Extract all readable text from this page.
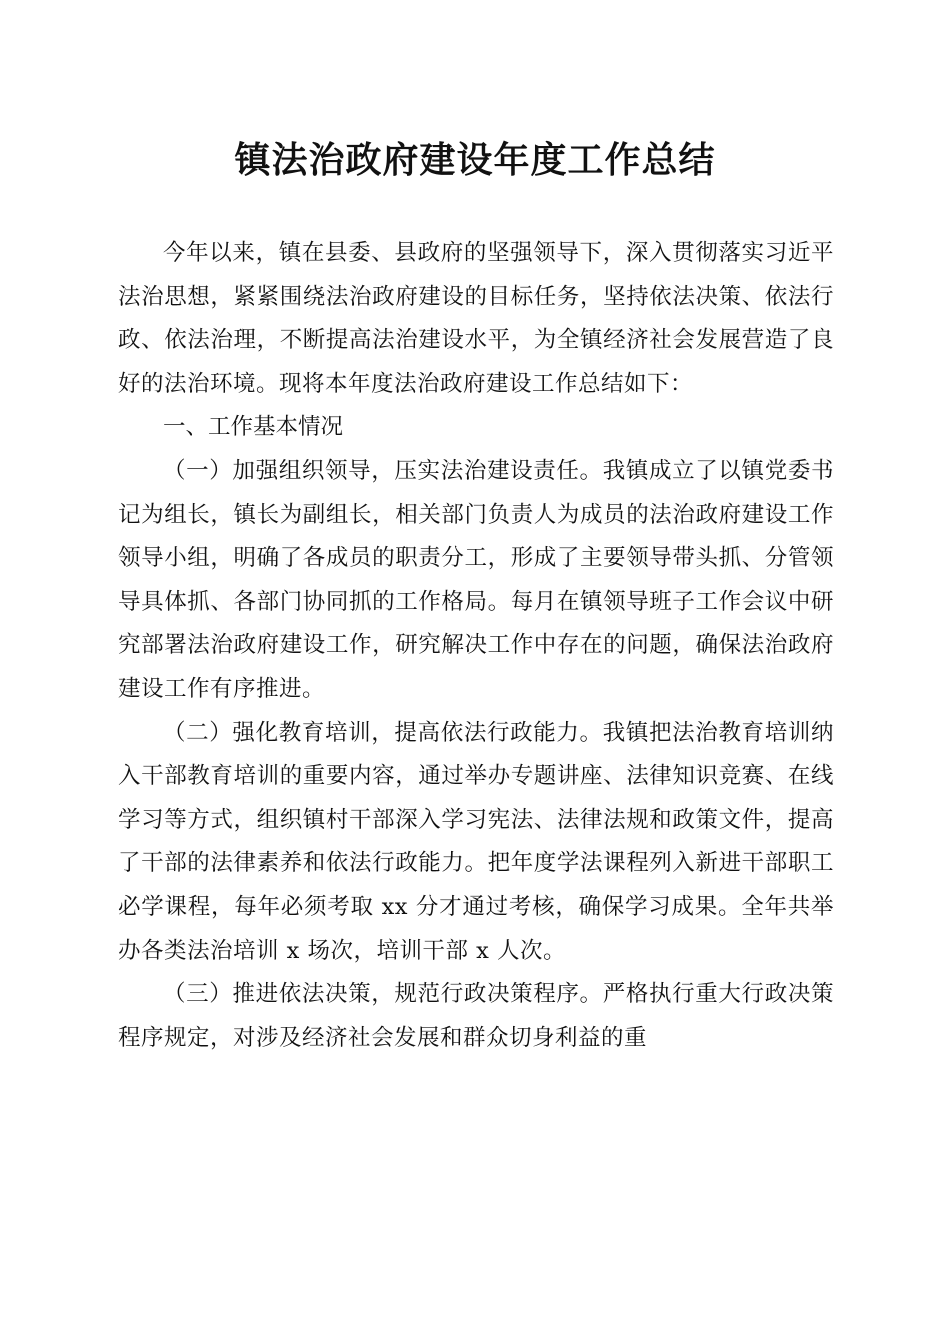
镇法治政府建设年度工作总结

今年以来，镇在县委、县政府的坚强领导下，深入贯彻落实习近平法治思想，紧紧围绕法治政府建设的目标任务，坚持依法决策、依法行政、依法治理，不断提高法治建设水平，为全镇经济社会发展营造了良好的法治环境。现将本年度法治政府建设工作总结如下：

一、工作基本情况

（一）加强组织领导，压实法治建设责任。我镇成立了以镇党委书记为组长，镇长为副组长，相关部门负责人为成员的法治政府建设工作领导小组，明确了各成员的职责分工，形成了主要领导带头抓、分管领导具体抓、各部门协同抓的工作格局。每月在镇领导班子工作会议中研究部署法治政府建设工作，研究解决工作中存在的问题，确保法治政府建设工作有序推进。

（二）强化教育培训，提高依法行政能力。我镇把法治教育培训纳入干部教育培训的重要内容，通过举办专题讲座、法律知识竞赛、在线学习等方式，组织镇村干部深入学习宪法、法律法规和政策文件，提高了干部的法律素养和依法行政能力。把年度学法课程列入新进干部职工必学课程，每年必须考取 xx 分才通过考核，确保学习成果。全年共举办各类法治培训 x 场次，培训干部 x 人次。

（三）推进依法决策，规范行政决策程序。严格执行重大行政决策程序规定，对涉及经济社会发展和群众切身利益的重
